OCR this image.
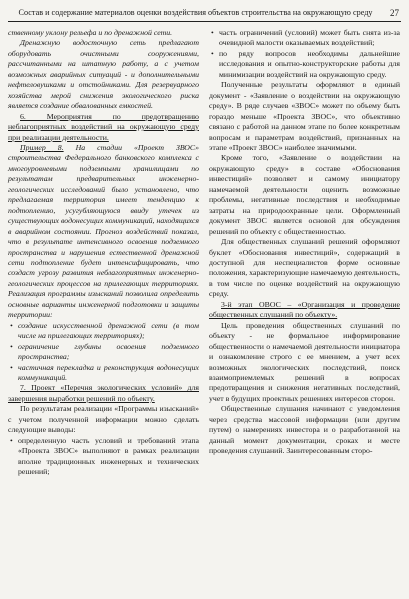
Состав и содержание материалов оценки воздействия объектов строительства на окружающую среду	27

ственному уклону рельефа и по дренажной сети.

Дренажную водосточную сеть предлагают оборудовать очистными сооружениями, рассчитанными на штатную работу, а с учетом возможных аварийных ситуаций - и дополнительными нефтеловушками и отстойниками. Для резервуарного хозяйства мерой снижения экологического риска является создание обвалованных емкостей.

6. Мероприятия по предотвращению неблагоприятных воздействий на окружающую среду при реализации деятельности.

Пример 8. На стадии «Проект ЗВОС» строительства Федерального банковского комплекса с многоуровневыми подземными хранилищами по результатам предварительных инженерно-геологических исследований было установлено, что предлагаемая территория имеет тенденцию к подтоплению, усугубляющуюся ввиду утечек из существующих водонесущих коммуникаций, находящихся в аварийном состоянии. Прогноз воздействий показал, что в результате интенсивного освоения подземного пространства и нарушения естественной дренажной сети подтопление будет интенсифицировать, что создаст угрозу развития неблагоприятных инженерно-геологических процессов на прилегающих территориях. Реализация программы изысканий позволила определить основные варианты инженерной подготовки и защиты территории:

• создание искусственной дренажной сети (в том числе на прилегающих территориях);

• ограничение глубины освоения подземного пространства;

• частичная перекладка и реконструкция водонесущих коммуникаций.

7. Проект «Перечня экологических условий» для завершения выработки решений по объекту.

По результатам реализации «Программы изысканий» с учетом полученной информации можно сделать следующие выводы:

• определенную часть условий и требований этапа «Проекта ЗВОС» выполняют в рамках реализации вполне традиционных инженерных и технических решений;

• часть ограничений (условий) может быть снята из-за очевидной малости оказываемых воздействий;

• по ряду вопросов необходимы дальнейшие исследования и опытно-конструкторские работы для минимизации воздействий на окружающую среду.

Полученные результаты оформляют в единый документ - «Заявление о воздействии на окружающую среду». В ряде случаев «ЗВОС» может по объему быть гораздо меньше «Проекта ЗВОС», что объективно связано с работой на данном этапе по более конкретным вопросам и параметрам воздействий, признанных на этапе «Проект ЗВОС» наиболее значимыми.

Кроме того, «Заявление о воздействии на окружающую среду» в составе «Обоснования инвестиций» позволяет и самому инициатору намечаемой деятельности оценить возможные проблемы, негативные последствия и необходимые затраты на природоохранные цели. Оформленный документ ЗВОС является основой для обсуждения решений по объекту с общественностью.

Для общественных слушаний решений оформляют буклет «Обоснования инвестиций», содержащий в доступной для неспециалистов форме основные положения, характеризующие намечаемую деятельность, в том числе по оценке воздействий на окружающую среду.

3-й этап ОВОС – «Организация и проведение общественных слушаний по объекту».

Цель проведения общественных слушаний по объекту - не формальное информирование общественности о намечаемой деятельности инициатора и ознакомление строго с ее мнением, а учет всех возможных экологических последствий, поиск взаимоприемлемых решений в вопросах предотвращения и снижения негативных последствий, учет в будущих проектных решениях интересов сторон.

Общественные слушания начинают с уведомления через средства массовой информации (или другим путем) о намерениях инвестора и о разработанной на данный момент документации, сроках и месте проведения слушаний. Заинтересованным сторо-
